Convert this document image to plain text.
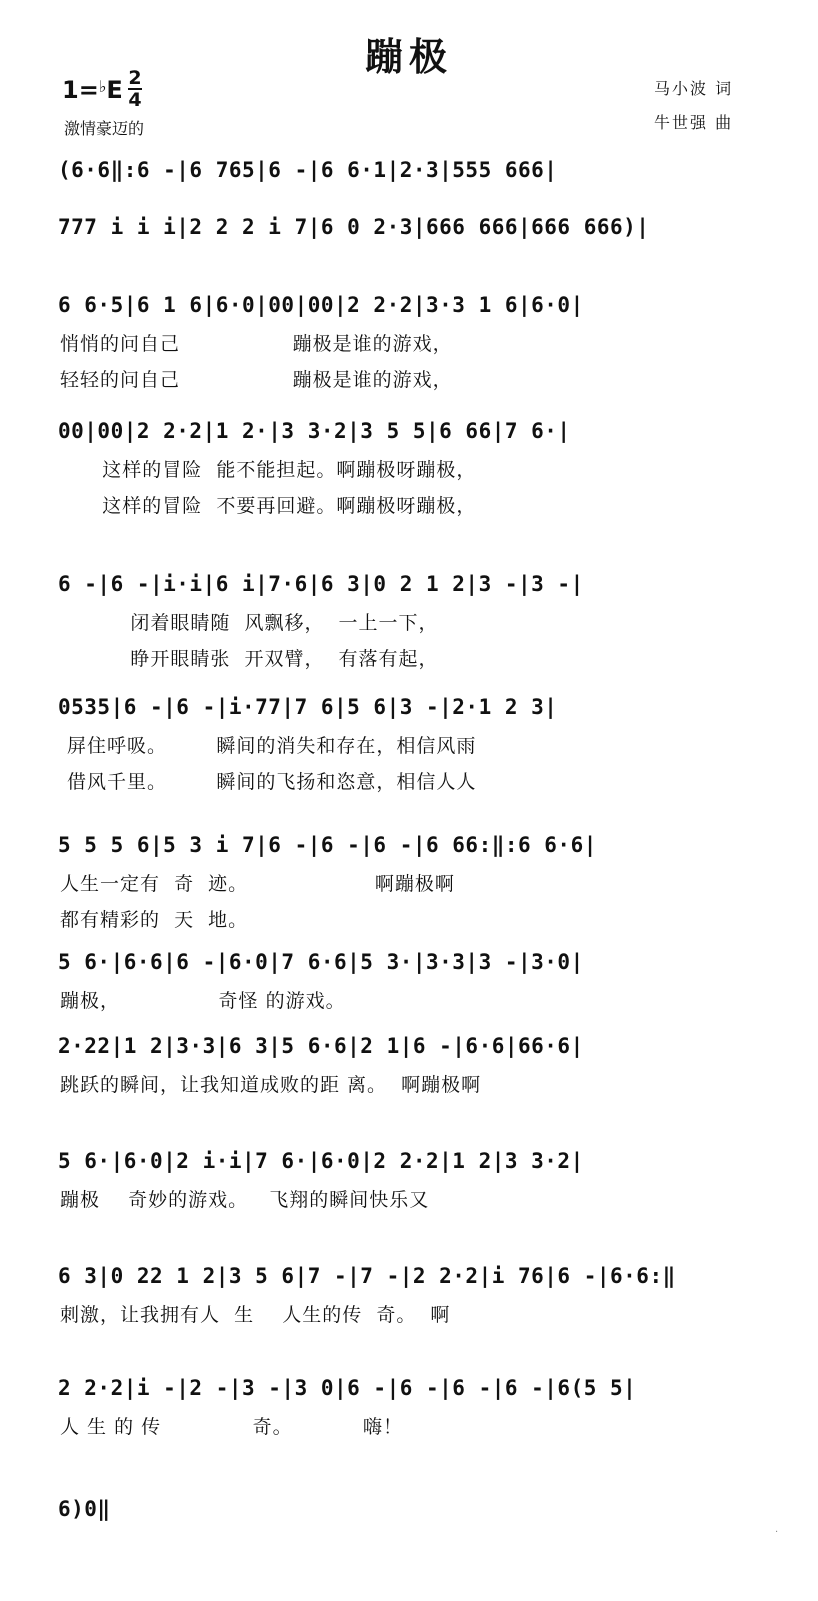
蹦极
1=♭E 2
4
激情豪迈的
马小波 词
牛世强 曲
(6·6‖:6 -|6 765|6 -|6 6·1|2·3|555 666|
777 i i i|2 2 2 i 7|6 0 2·3|666 666|666 666)|
6 6·5|6 1 6|6·0|00|00|2 2·2|3·3 1 6|6·0|
悄悄的问自己                蹦极是谁的游戏，
轻轻的问自己                蹦极是谁的游戏，
00|00|2 2·2|1 2·|3 3·2|3 5 5|6 66|7 6·|
这样的冒险  能不能担起。啊蹦极呀蹦极，
这样的冒险  不要再回避。啊蹦极呀蹦极，
6 -|6 -|i·i|6 i|7·6|6 3|0 2 1 2|3 -|3 -|
闭着眼睛随  风飘移，  一上一下，
睁开眼睛张  开双臂，  有落有起，
0535|6 -|6 -|i·77|7 6|5 6|3 -|2·1 2 3|
屏住呼吸。       瞬间的消失和存在，相信风雨
借风千里。       瞬间的飞扬和恣意，相信人人
5 5 5 6|5 3 i 7|6 -|6 -|6 -|6 66:‖:6 6·6|
人生一定有  奇  迹。                  啊蹦极啊
都有精彩的  天  地。
5 6·|6·6|6 -|6·0|7 6·6|5 3·|3·3|3 -|3·0|
蹦极，              奇怪 的游戏。
2·22|1 2|3·3|6 3|5 6·6|2 1|6 -|6·6|66·6|
跳跃的瞬间，让我知道成败的距 离。  啊蹦极啊
5 6·|6·0|2 i·i|7 6·|6·0|2 2·2|1 2|3 3·2|
蹦极    奇妙的游戏。   飞翔的瞬间快乐又
6 3|0 22 1 2|3 5 6|7 -|7 -|2 2·2|i 76|6 -|6·6:‖
刺激，让我拥有人  生    人生的传  奇。  啊
2 2·2|i -|2 -|3 -|3 0|6 -|6 -|6 -|6 -|6(5 5|
人 生 的 传             奇。          嗨！
6)0‖
·
